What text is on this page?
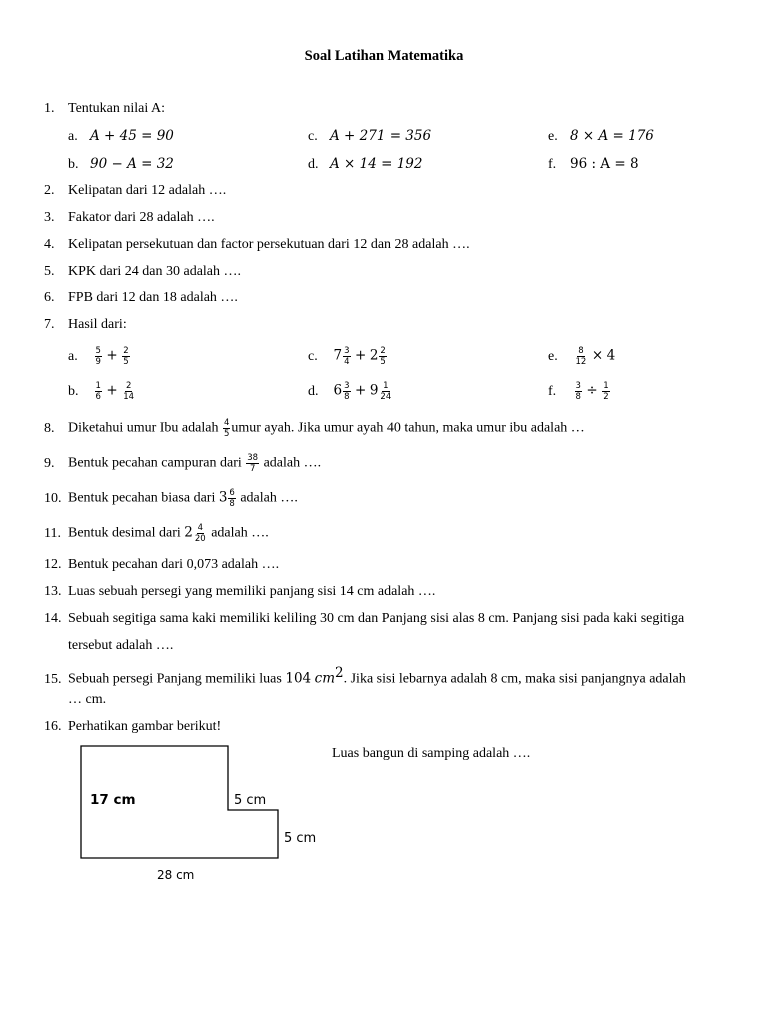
Soal Latihan Matematika
1. Tentukan nilai A:
a. A + 45 = 90
b. 90 − A = 32
c. A + 271 = 356
d. A × 14 = 192
e. 8 × A = 176
f. 96 : A = 8
2. Kelipatan dari 12 adalah ….
3. Fakator dari 28 adalah ….
4. Kelipatan persekutuan dan factor persekutuan dari 12 dan 28 adalah ….
5. KPK dari 24 dan 30 adalah ….
6. FPB dari 12 dan 18 adalah ….
7. Hasil dari:
a. $\frac{5}{9} + \frac{2}{5}$
b. $\frac{1}{6} + \frac{2}{14}$
c. $7 \frac{3}{4} + 2 \frac{2}{5}$
d. $6 \frac{3}{8} + 9 \frac{1}{24}$
e. $\frac{8}{12} \times 4$
f. $\frac{3}{8} \div \frac{1}{2}$
8. Diketahui umur Ibu adalah $\frac{4}{5}$ umur ayah. Jika umur ayah 40 tahun, maka umur ibu adalah …
9. Bentuk pecahan campuran dari $\frac{38}{7}$ adalah ….
10. Bentuk pecahan biasa dari $3 \frac{6}{8}$ adalah ….
11. Bentuk desimal dari $2 \frac{4}{20}$ adalah ….
12. Bentuk pecahan dari 0,073 adalah ….
13. Luas sebuah persegi yang memiliki panjang sisi 14 cm adalah ….
14. Sebuah segitiga sama kaki memiliki keliling 30 cm dan Panjang sisi alas 8 cm. Panjang sisi pada kaki segitiga
tersebut adalah ….
15. Sebuah persegi Panjang memiliki luas 104 $cm^2$. Jika sisi lebarnya adalah 8 cm, maka sisi panjangnya adalah
… cm.
16. Perhatikan gambar berikut!
Luas bangun di samping adalah ….
17 cm	5 cm
5 cm
28 cm
